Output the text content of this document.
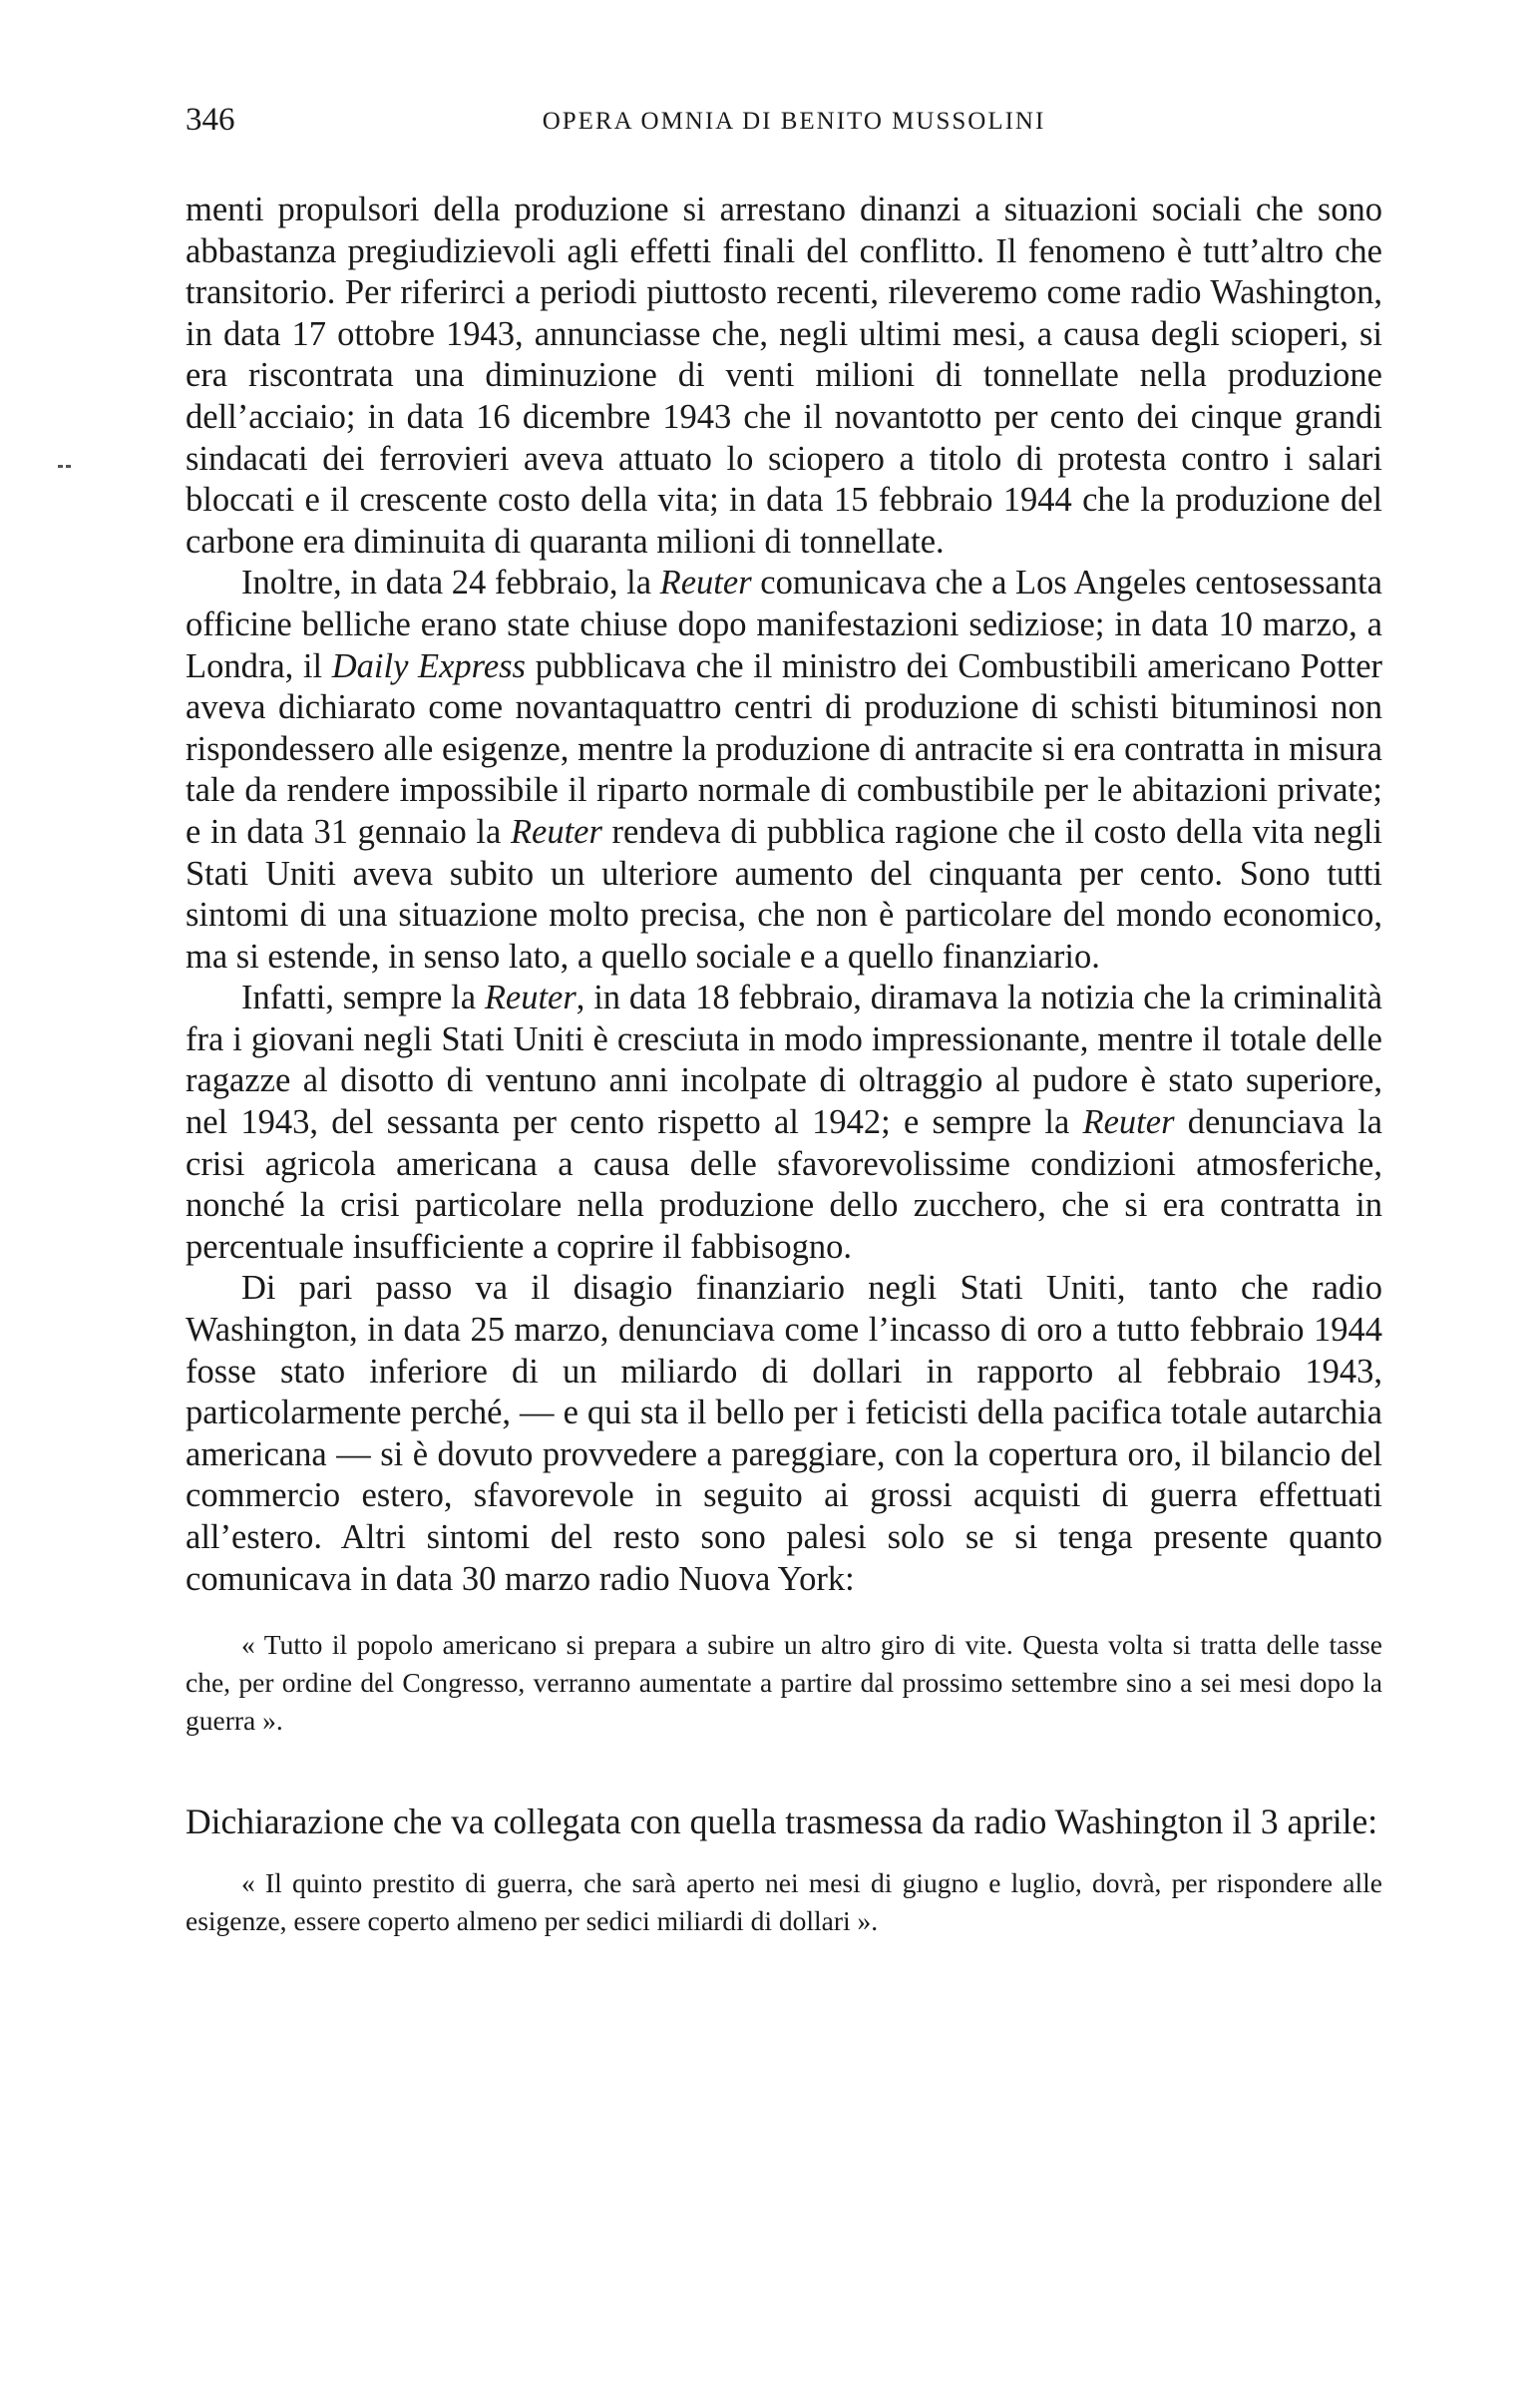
346	OPERA OMNIA DI BENITO MUSSOLINI

menti propulsori della produzione si arrestano dinanzi a situazioni sociali che sono abbastanza pregiudizievoli agli effetti finali del conflitto. Il fenomeno è tutt’altro che transitorio. Per riferirci a periodi piuttosto recenti, rileveremo come radio Washington, in data 17 ottobre 1943, annunciasse che, negli ultimi mesi, a causa degli scioperi, si era riscontrata una diminuzione di venti milioni di tonnellate nella produzione dell’acciaio; in data 16 dicembre 1943 che il novantotto per cento dei cinque grandi sindacati dei ferrovieri aveva attuato lo sciopero a titolo di protesta contro i salari bloccati e il crescente costo della vita; in data 15 febbraio 1944 che la produzione del carbone era diminuita di quaranta milioni di tonnellate.

Inoltre, in data 24 febbraio, la Reuter comunicava che a Los Angeles centosessanta officine belliche erano state chiuse dopo manifestazioni sediziose; in data 10 marzo, a Londra, il Daily Express pubblicava che il ministro dei Combustibili americano Potter aveva dichiarato come novantaquattro centri di produzione di schisti bituminosi non rispondessero alle esigenze, mentre la produzione di antracite si era contratta in misura tale da rendere impossibile il riparto normale di combustibile per le abitazioni private; e in data 31 gennaio la Reuter rendeva di pubblica ragione che il costo della vita negli Stati Uniti aveva subito un ulteriore aumento del cinquanta per cento. Sono tutti sintomi di una situazione molto precisa, che non è particolare del mondo economico, ma si estende, in senso lato, a quello sociale e a quello finanziario.

Infatti, sempre la Reuter, in data 18 febbraio, diramava la notizia che la criminalità fra i giovani negli Stati Uniti è cresciuta in modo impressionante, mentre il totale delle ragazze al disotto di ventuno anni incolpate di oltraggio al pudore è stato superiore, nel 1943, del sessanta per cento rispetto al 1942; e sempre la Reuter denunciava la crisi agricola americana a causa delle sfavorevolissime condizioni atmosferiche, nonché la crisi particolare nella produzione dello zucchero, che si era contratta in percentuale insufficiente a coprire il fabbisogno.

Di pari passo va il disagio finanziario negli Stati Uniti, tanto che radio Washington, in data 25 marzo, denunciava come l’incasso di oro a tutto febbraio 1944 fosse stato inferiore di un miliardo di dollari in rapporto al febbraio 1943, particolarmente perché, — e qui sta il bello per i feticisti della pacifica totale autarchia americana — si è dovuto provvedere a pareggiare, con la copertura oro, il bilancio del commercio estero, sfavorevole in seguito ai grossi acquisti di guerra effettuati all’estero. Altri sintomi del resto sono palesi solo se si tenga presente quanto comunicava in data 30 marzo radio Nuova York:

« Tutto il popolo americano si prepara a subire un altro giro di vite. Questa volta si tratta delle tasse che, per ordine del Congresso, verranno aumentate a partire dal prossimo settembre sino a sei mesi dopo la guerra ».

Dichiarazione che va collegata con quella trasmessa da radio Washington il 3 aprile:

« Il quinto prestito di guerra, che sarà aperto nei mesi di giugno e luglio, dovrà, per rispondere alle esigenze, essere coperto almeno per sedici miliardi di dollari ».
